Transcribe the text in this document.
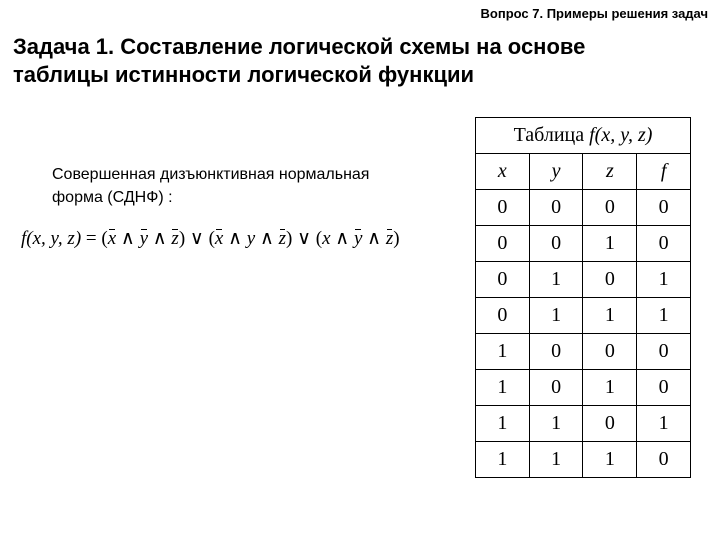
Вопрос 7. Примеры решения задач
Задача 1. Составление логической схемы на основе таблицы истинности логической функции
Совершенная дизъюнктивная нормальная форма (СДНФ) :
f(x, y, z) = (x ∧ y ∧ z) ∨ (x ∧ y ∧ z) ∨ (x ∧ y ∧ z)
Таблица f(x, y, z)			
x	y	z	f
0	0	0	0
0	0	1	0
0	1	0	1
0	1	1	1
1	0	0	0
1	0	1	0
1	1	0	1
1	1	1	0
